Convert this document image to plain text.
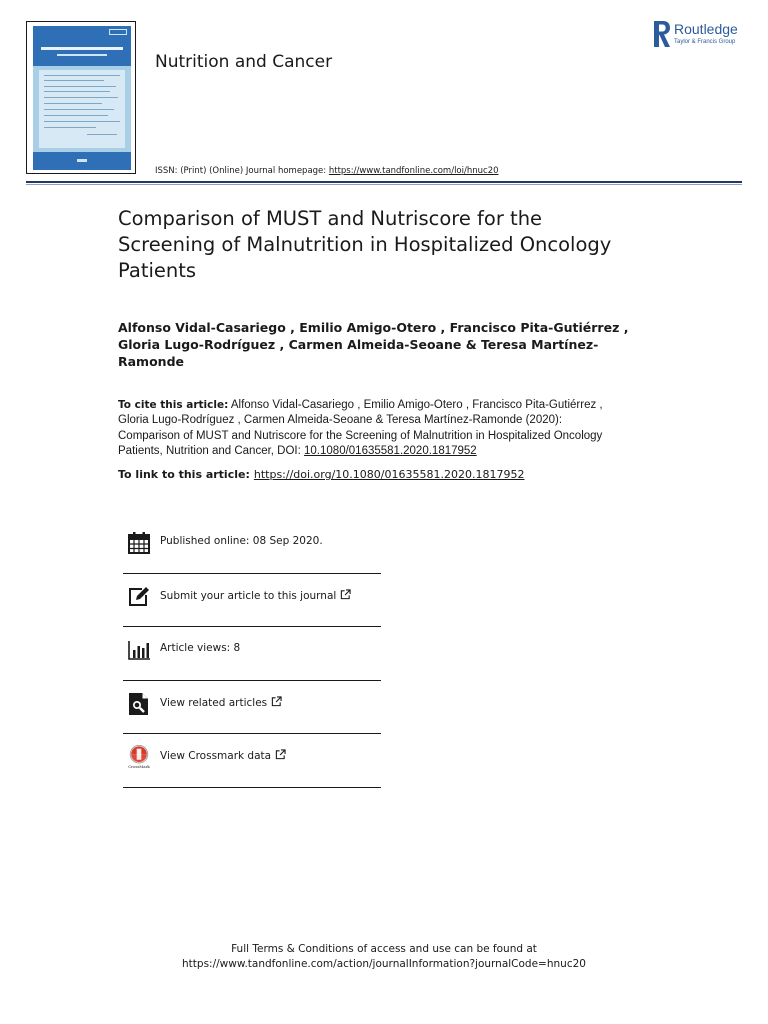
Nutrition and Cancer
ISSN: (Print) (Online) Journal homepage: https://www.tandfonline.com/loi/hnuc20
Routledge
Taylor & Francis Group
Comparison of MUST and Nutriscore for the
Screening of Malnutrition in Hospitalized Oncology
Patients
Alfonso Vidal-Casariego , Emilio Amigo-Otero , Francisco Pita-Gutiérrez ,
Gloria Lugo-Rodríguez , Carmen Almeida-Seoane & Teresa Martínez-
Ramonde
To cite this article: Alfonso Vidal-Casariego , Emilio Amigo-Otero , Francisco Pita-Gutiérrez ,
Gloria Lugo-Rodríguez , Carmen Almeida-Seoane & Teresa Martínez-Ramonde (2020):
Comparison of MUST and Nutriscore for the Screening of Malnutrition in Hospitalized Oncology
Patients, Nutrition and Cancer, DOI: 10.1080/01635581.2020.1817952
To link to this article: https://doi.org/10.1080/01635581.2020.1817952
Published online: 08 Sep 2020.
Submit your article to this journal
Article views: 8
View related articles
CrossMark
View Crossmark data
Full Terms & Conditions of access and use can be found at
https://www.tandfonline.com/action/journalInformation?journalCode=hnuc20
